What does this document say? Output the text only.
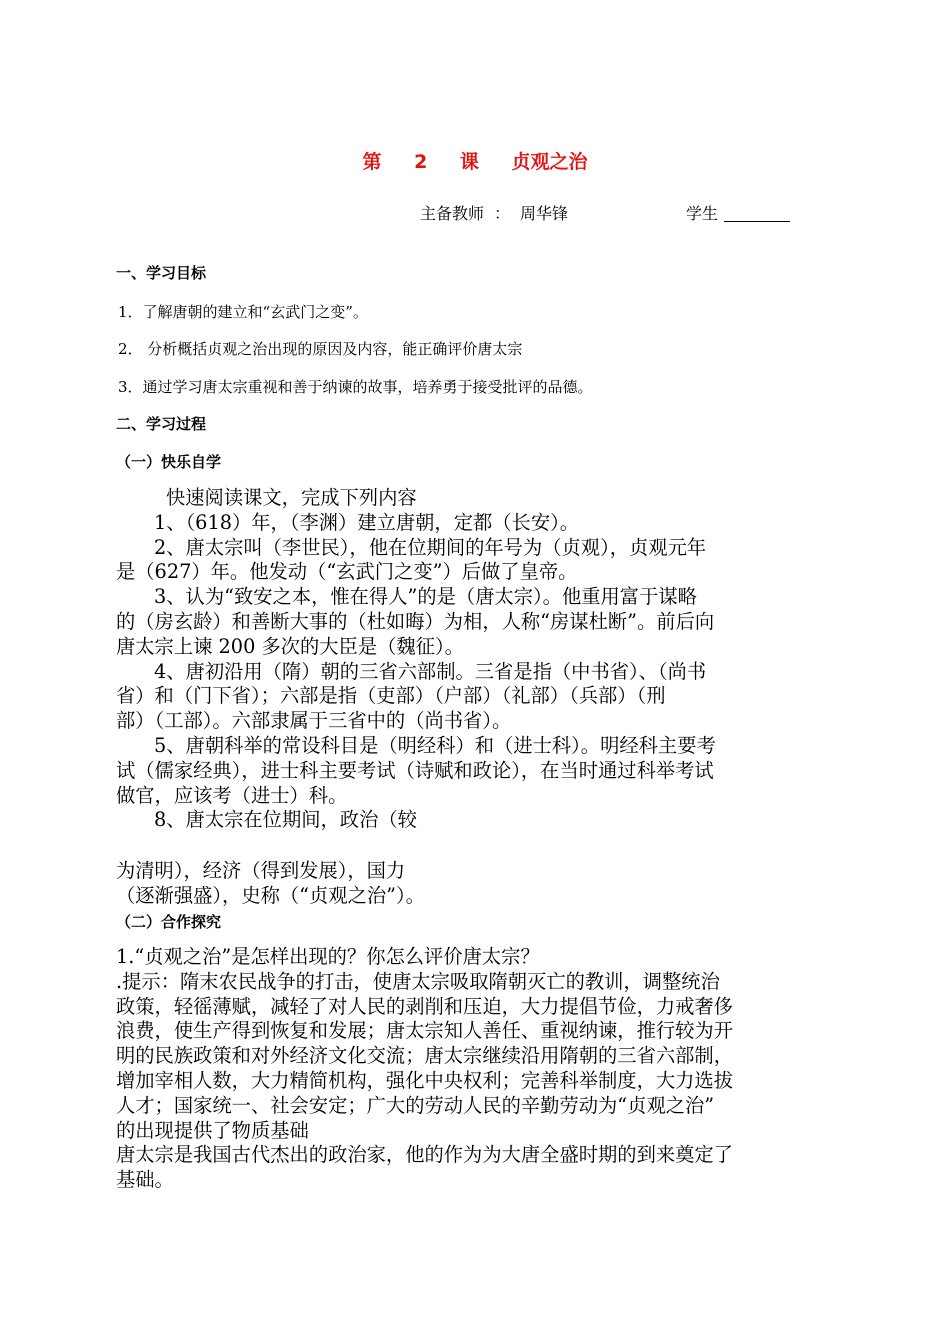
第 2 课 贞观之治
主备教师 ： 周华锋	学生
一、学习目标
1．了解唐朝的建立和“玄武门之变”。
2． 分析概括贞观之治出现的原因及内容，能正确评价唐太宗
3．通过学习唐太宗重视和善于纳谏的故事，培养勇于接受批评的品德。
二、学习过程
（一）快乐自学
快速阅读课文，完成下列内容
1、（618）年，（李渊）建立唐朝，定都（长安）。
2、唐太宗叫（李世民），他在位期间的年号为（贞观），贞观元年
是（627）年。他发动（“玄武门之变”）后做了皇帝。
3、认为“致安之本，惟在得人”的是（唐太宗）。他重用富于谋略
的（房玄龄）和善断大事的（杜如晦）为相，人称“房谋杜断”。前后向
唐太宗上谏 200 多次的大臣是（魏征）。
4、唐初沿用（隋）朝的三省六部制。三省是指（中书省）、（尚书
省）和（门下省）；六部是指（吏部）（户部）（礼部）（兵部）（刑
部）（工部）。六部隶属于三省中的（尚书省）。
5、唐朝科举的常设科目是（明经科）和（进士科）。明经科主要考
试（儒家经典），进士科主要考试（诗赋和政论），在当时通过科举考试
做官，应该考（进士）科。
8、唐太宗在位期间，政治（较
为清明），经济（得到发展），国力
（逐渐强盛），史称（“贞观之治”）。
（二）合作探究
1.“贞观之治”是怎样出现的？你怎么评价唐太宗？
.提示：隋末农民战争的打击，使唐太宗吸取隋朝灭亡的教训，调整统治
政策，轻徭薄赋，减轻了对人民的剥削和压迫，大力提倡节俭，力戒奢侈
浪费，使生产得到恢复和发展；唐太宗知人善任、重视纳谏，推行较为开
明的民族政策和对外经济文化交流；唐太宗继续沿用隋朝的三省六部制，
增加宰相人数，大力精简机构，强化中央权利；完善科举制度，大力选拔
人才；国家统一、社会安定；广大的劳动人民的辛勤劳动为“贞观之治”
的出现提供了物质基础
唐太宗是我国古代杰出的政治家，他的作为为大唐全盛时期的到来奠定了
基础。
